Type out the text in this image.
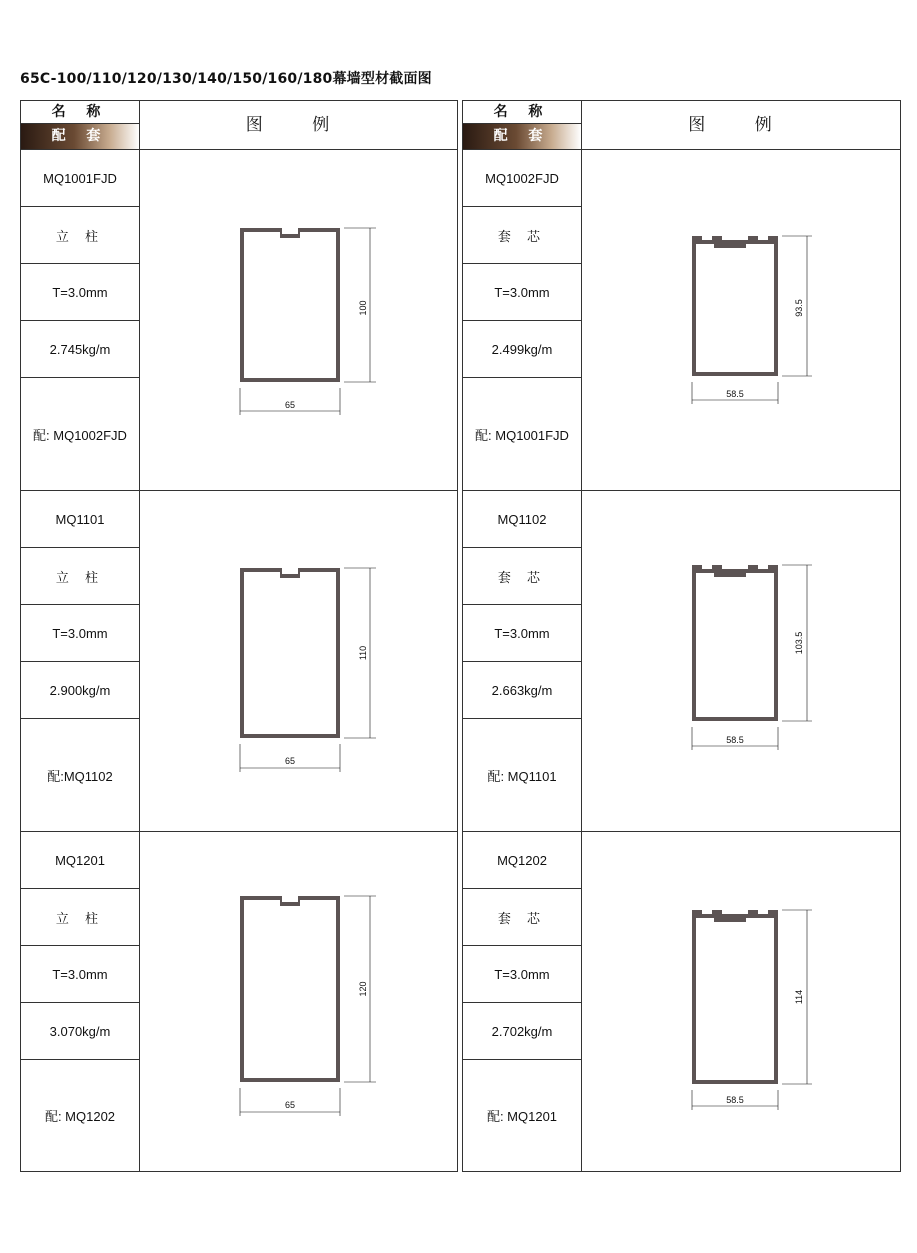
65C-100/110/120/130/140/150/160/180幕墙型材截面图
名 称
配 套
图 例
MQ1001FJD
立 柱
T=3.0mm
2.745kg/m
配: MQ1002FJD
MQ1101
立 柱
T=3.0mm
2.900kg/m
配:MQ1102
MQ1201
立 柱
T=3.0mm
3.070kg/m
配: MQ1202
名 称
配 套
图 例
MQ1002FJD
套 芯
T=3.0mm
2.499kg/m
配: MQ1001FJD
MQ1102
套 芯
T=3.0mm
2.663kg/m
配: MQ1101
MQ1202
套 芯
T=3.0mm
2.702kg/m
配: MQ1201
65
100
65
110
65
120
58.5
93.5
58.5
103.5
58.5
114
